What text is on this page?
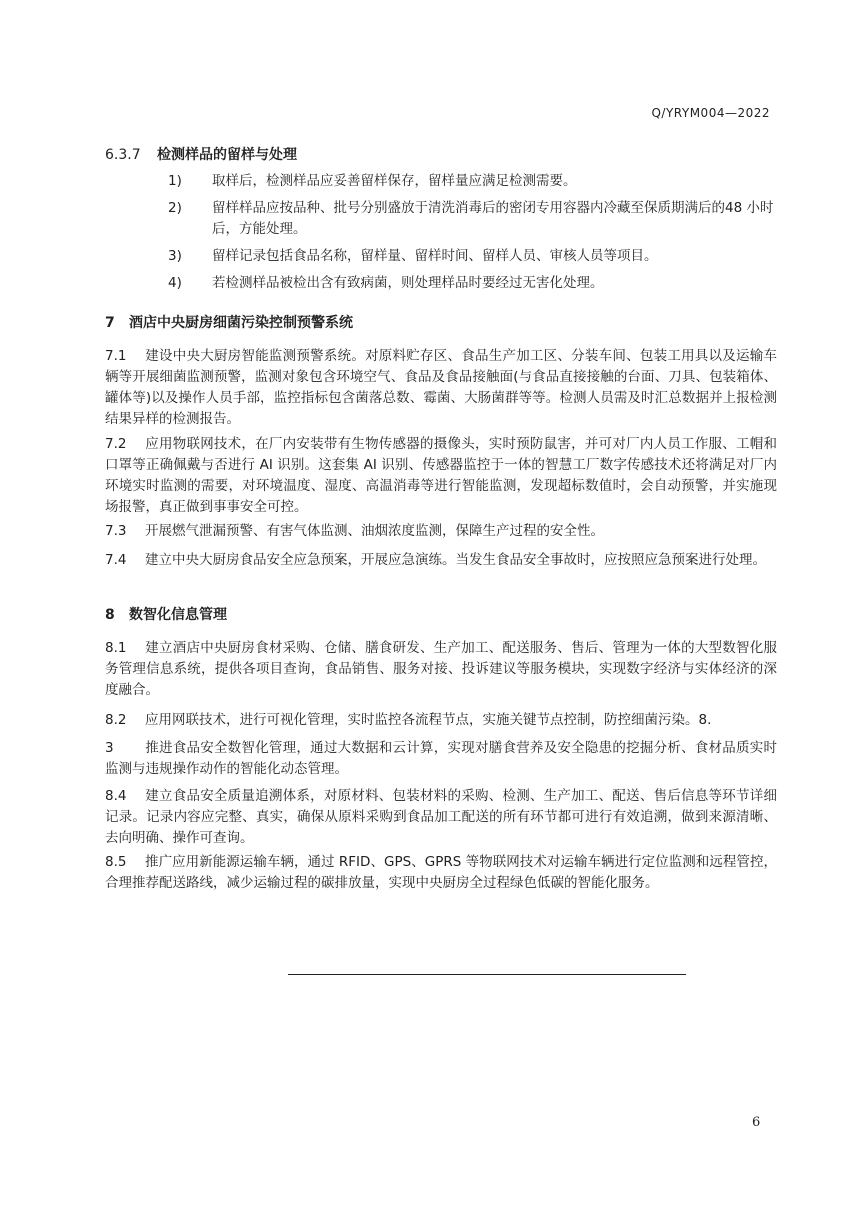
Q/YRYM004—2022
6.3.7 检测样品的留样与处理
1)	取样后，检测样品应妥善留样保存，留样量应满足检测需要。
2)	留样样品应按品种、批号分别盛放于清洗消毒后的密闭专用容器内冷藏至保质期满后的48 小时后，方能处理。
3)	留样记录包括食品名称，留样量、留样时间、留样人员、审核人员等项目。
4)	若检测样品被检出含有致病菌，则处理样品时要经过无害化处理。
7 酒店中央厨房细菌污染控制预警系统
7.1 建设中央大厨房智能监测预警系统。对原料贮存区、食品生产加工区、分装车间、包装工用具以及运输车辆等开展细菌监测预警，监测对象包含环境空气、食品及食品接触面(与食品直接接触的台面、刀具、包装箱体、罐体等)以及操作人员手部，监控指标包含菌落总数、霉菌、大肠菌群等等。检测人员需及时汇总数据并上报检测结果异样的检测报告。
7.2 应用物联网技术，在厂内安装带有生物传感器的摄像头，实时预防鼠害，并可对厂内人员工作服、工帽和口罩等正确佩戴与否进行 AI 识别。这套集 AI 识别、传感器监控于一体的智慧工厂数字传感技术还将满足对厂内环境实时监测的需要，对环境温度、湿度、高温消毒等进行智能监测，发现超标数值时，会自动预警，并实施现场报警，真正做到事事安全可控。
7.3 开展燃气泄漏预警、有害气体监测、油烟浓度监测，保障生产过程的安全性。
7.4 建立中央大厨房食品安全应急预案，开展应急演练。当发生食品安全事故时，应按照应急预案进行处理。
8 数智化信息管理
8.1 建立酒店中央厨房食材采购、仓储、膳食研发、生产加工、配送服务、售后、管理为一体的大型数智化服务管理信息系统，提供各项目查询，食品销售、服务对接、投诉建议等服务模块，实现数字经济与实体经济的深度融合。
8.2 应用网联技术，进行可视化管理，实时监控各流程节点，实施关键节点控制，防控细菌污染。8.
3 推进食品安全数智化管理，通过大数据和云计算，实现对膳食营养及安全隐患的挖掘分析、食材品质实时监测与违规操作动作的智能化动态管理。
8.4 建立食品安全质量追溯体系，对原材料、包装材料的采购、检测、生产加工、配送、售后信息等环节详细记录。记录内容应完整、真实，确保从原料采购到食品加工配送的所有环节都可进行有效追溯，做到来源清晰、去向明确、操作可查询。
8.5 推广应用新能源运输车辆，通过 RFID、GPS、GPRS 等物联网技术对运输车辆进行定位监测和远程管控，合理推荐配送路线，减少运输过程的碳排放量，实现中央厨房全过程绿色低碳的智能化服务。
6
